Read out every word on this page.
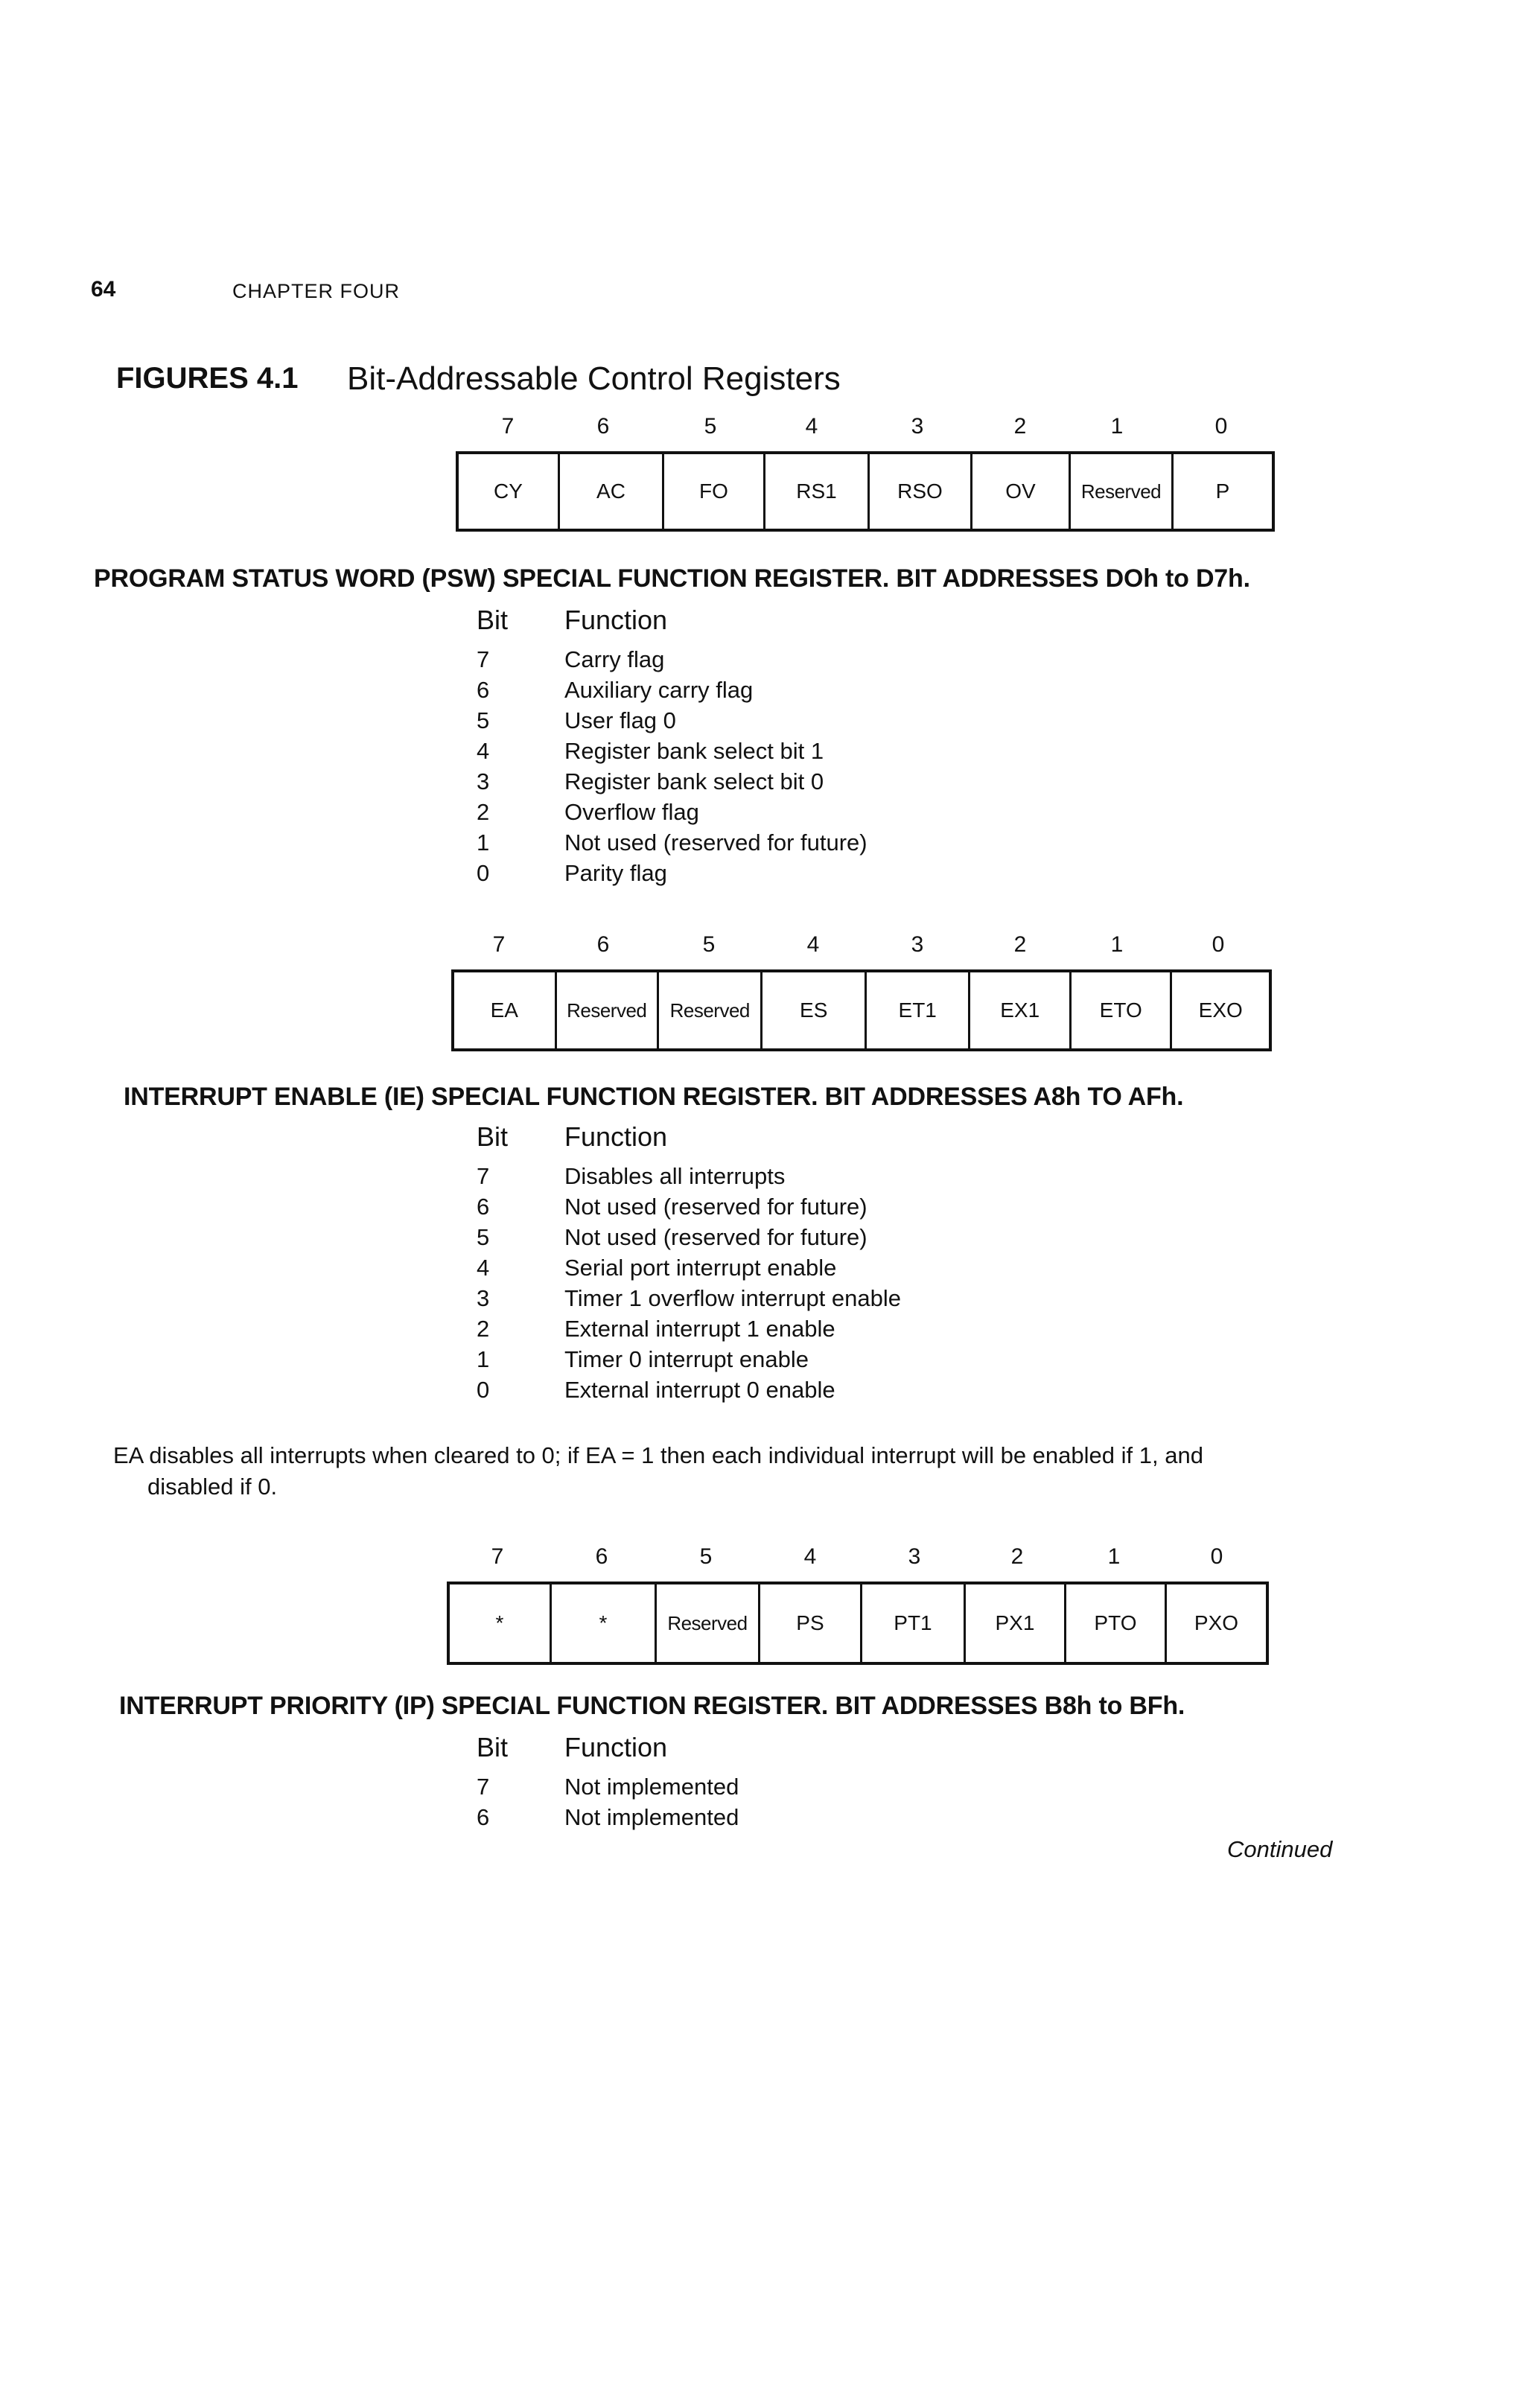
64	CHAPTER FOUR
FIGURES 4.1 Bit-Addressable Control Registers
7	6	5	4	3	2	1	0
CY	AC	FO	RS1	RSO	OV	Reserved	P
PROGRAM STATUS WORD (PSW) SPECIAL FUNCTION REGISTER. BIT ADDRESSES DOh to D7h.
Bit Function
7	Carry flag
6	Auxiliary carry flag
5	User flag 0
4	Register bank select bit 1
3	Register bank select bit 0
2	Overflow flag
1	Not used (reserved for future)
0	Parity flag
7	6	5	4	3	2	1	0
EA	Reserved	Reserved	ES	ET1	EX1	ETO	EXO
INTERRUPT ENABLE (IE) SPECIAL FUNCTION REGISTER. BIT ADDRESSES A8h TO AFh.
Bit Function
7	Disables all interrupts
6	Not used (reserved for future)
5	Not used (reserved for future)
4	Serial port interrupt enable
3	Timer 1 overflow interrupt enable
2	External interrupt 1 enable
1	Timer 0 interrupt enable
0	External interrupt 0 enable
EA disables all interrupts when cleared to 0; if EA = 1 then each individual interrupt will be enabled if 1, and
disabled if 0.
7	6	5	4	3	2	1	0
*	*	Reserved	PS	PT1	PX1	PTO	PXO
INTERRUPT PRIORITY (IP) SPECIAL FUNCTION REGISTER. BIT ADDRESSES B8h to BFh.
Bit Function
7	Not implemented
6	Not implemented
Continued
